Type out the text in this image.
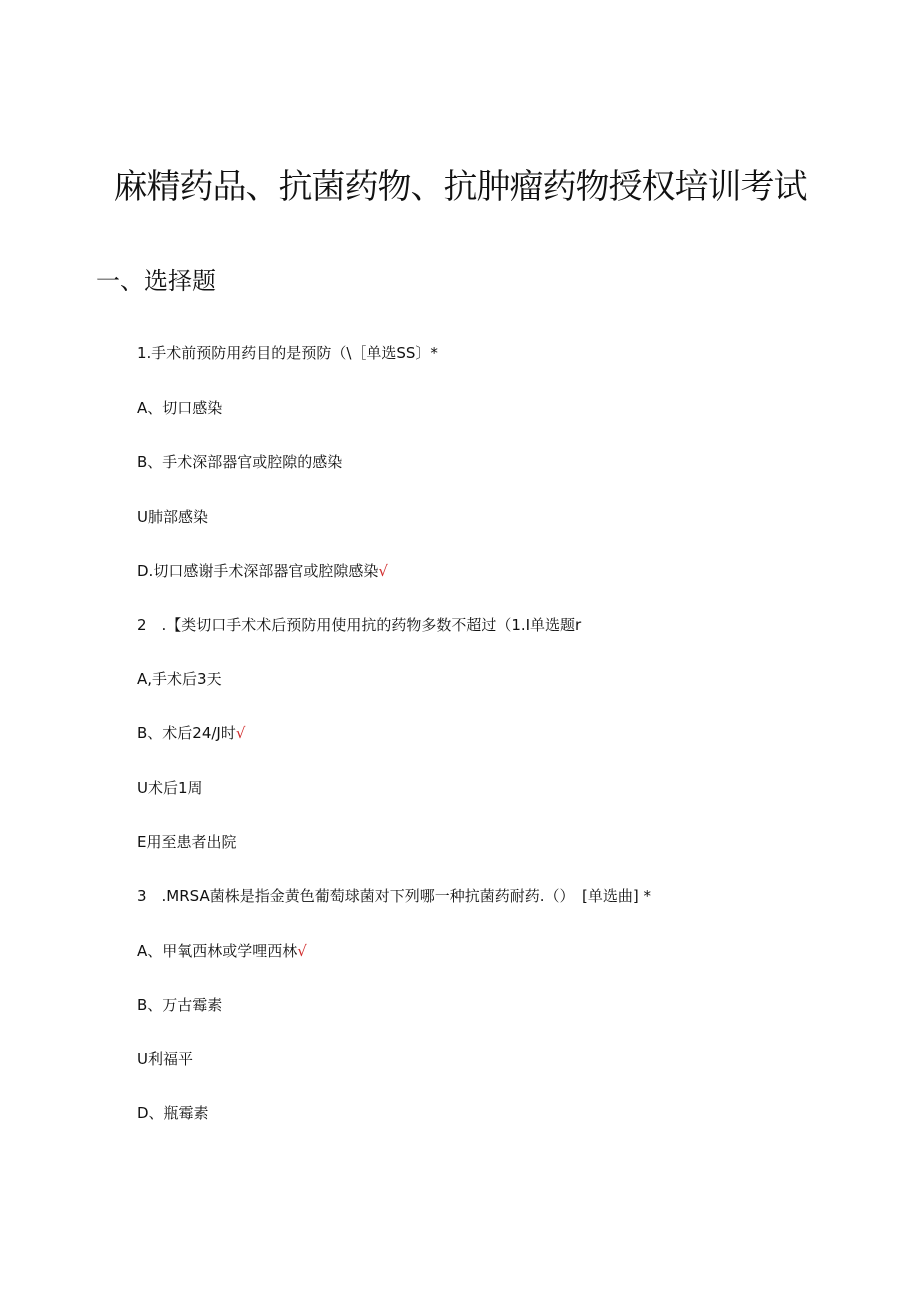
麻精药品、抗菌药物、抗肿瘤药物授权培训考试
一、选择题
1.手术前预防用药目的是预防（\［单选SS〕*
A、切口感染
B、手术深部器官或腔隙的感染
U肺部感染
D.切口感谢手术深部器官或腔隙感染√
2　.【类切口手术术后预防用使用抗的药物多数不超过（1.I单选题r
A,手术后3天
B、术后24/J时√
U术后1周
E用至患者出院
3　.MRSA菌株是指金黄色葡萄球菌对下列哪一种抗菌药耐药.（）　[单选曲] *
A、甲氧西林或学哩西林√
B、万古霉素
U利福平
D、瓶霉素
